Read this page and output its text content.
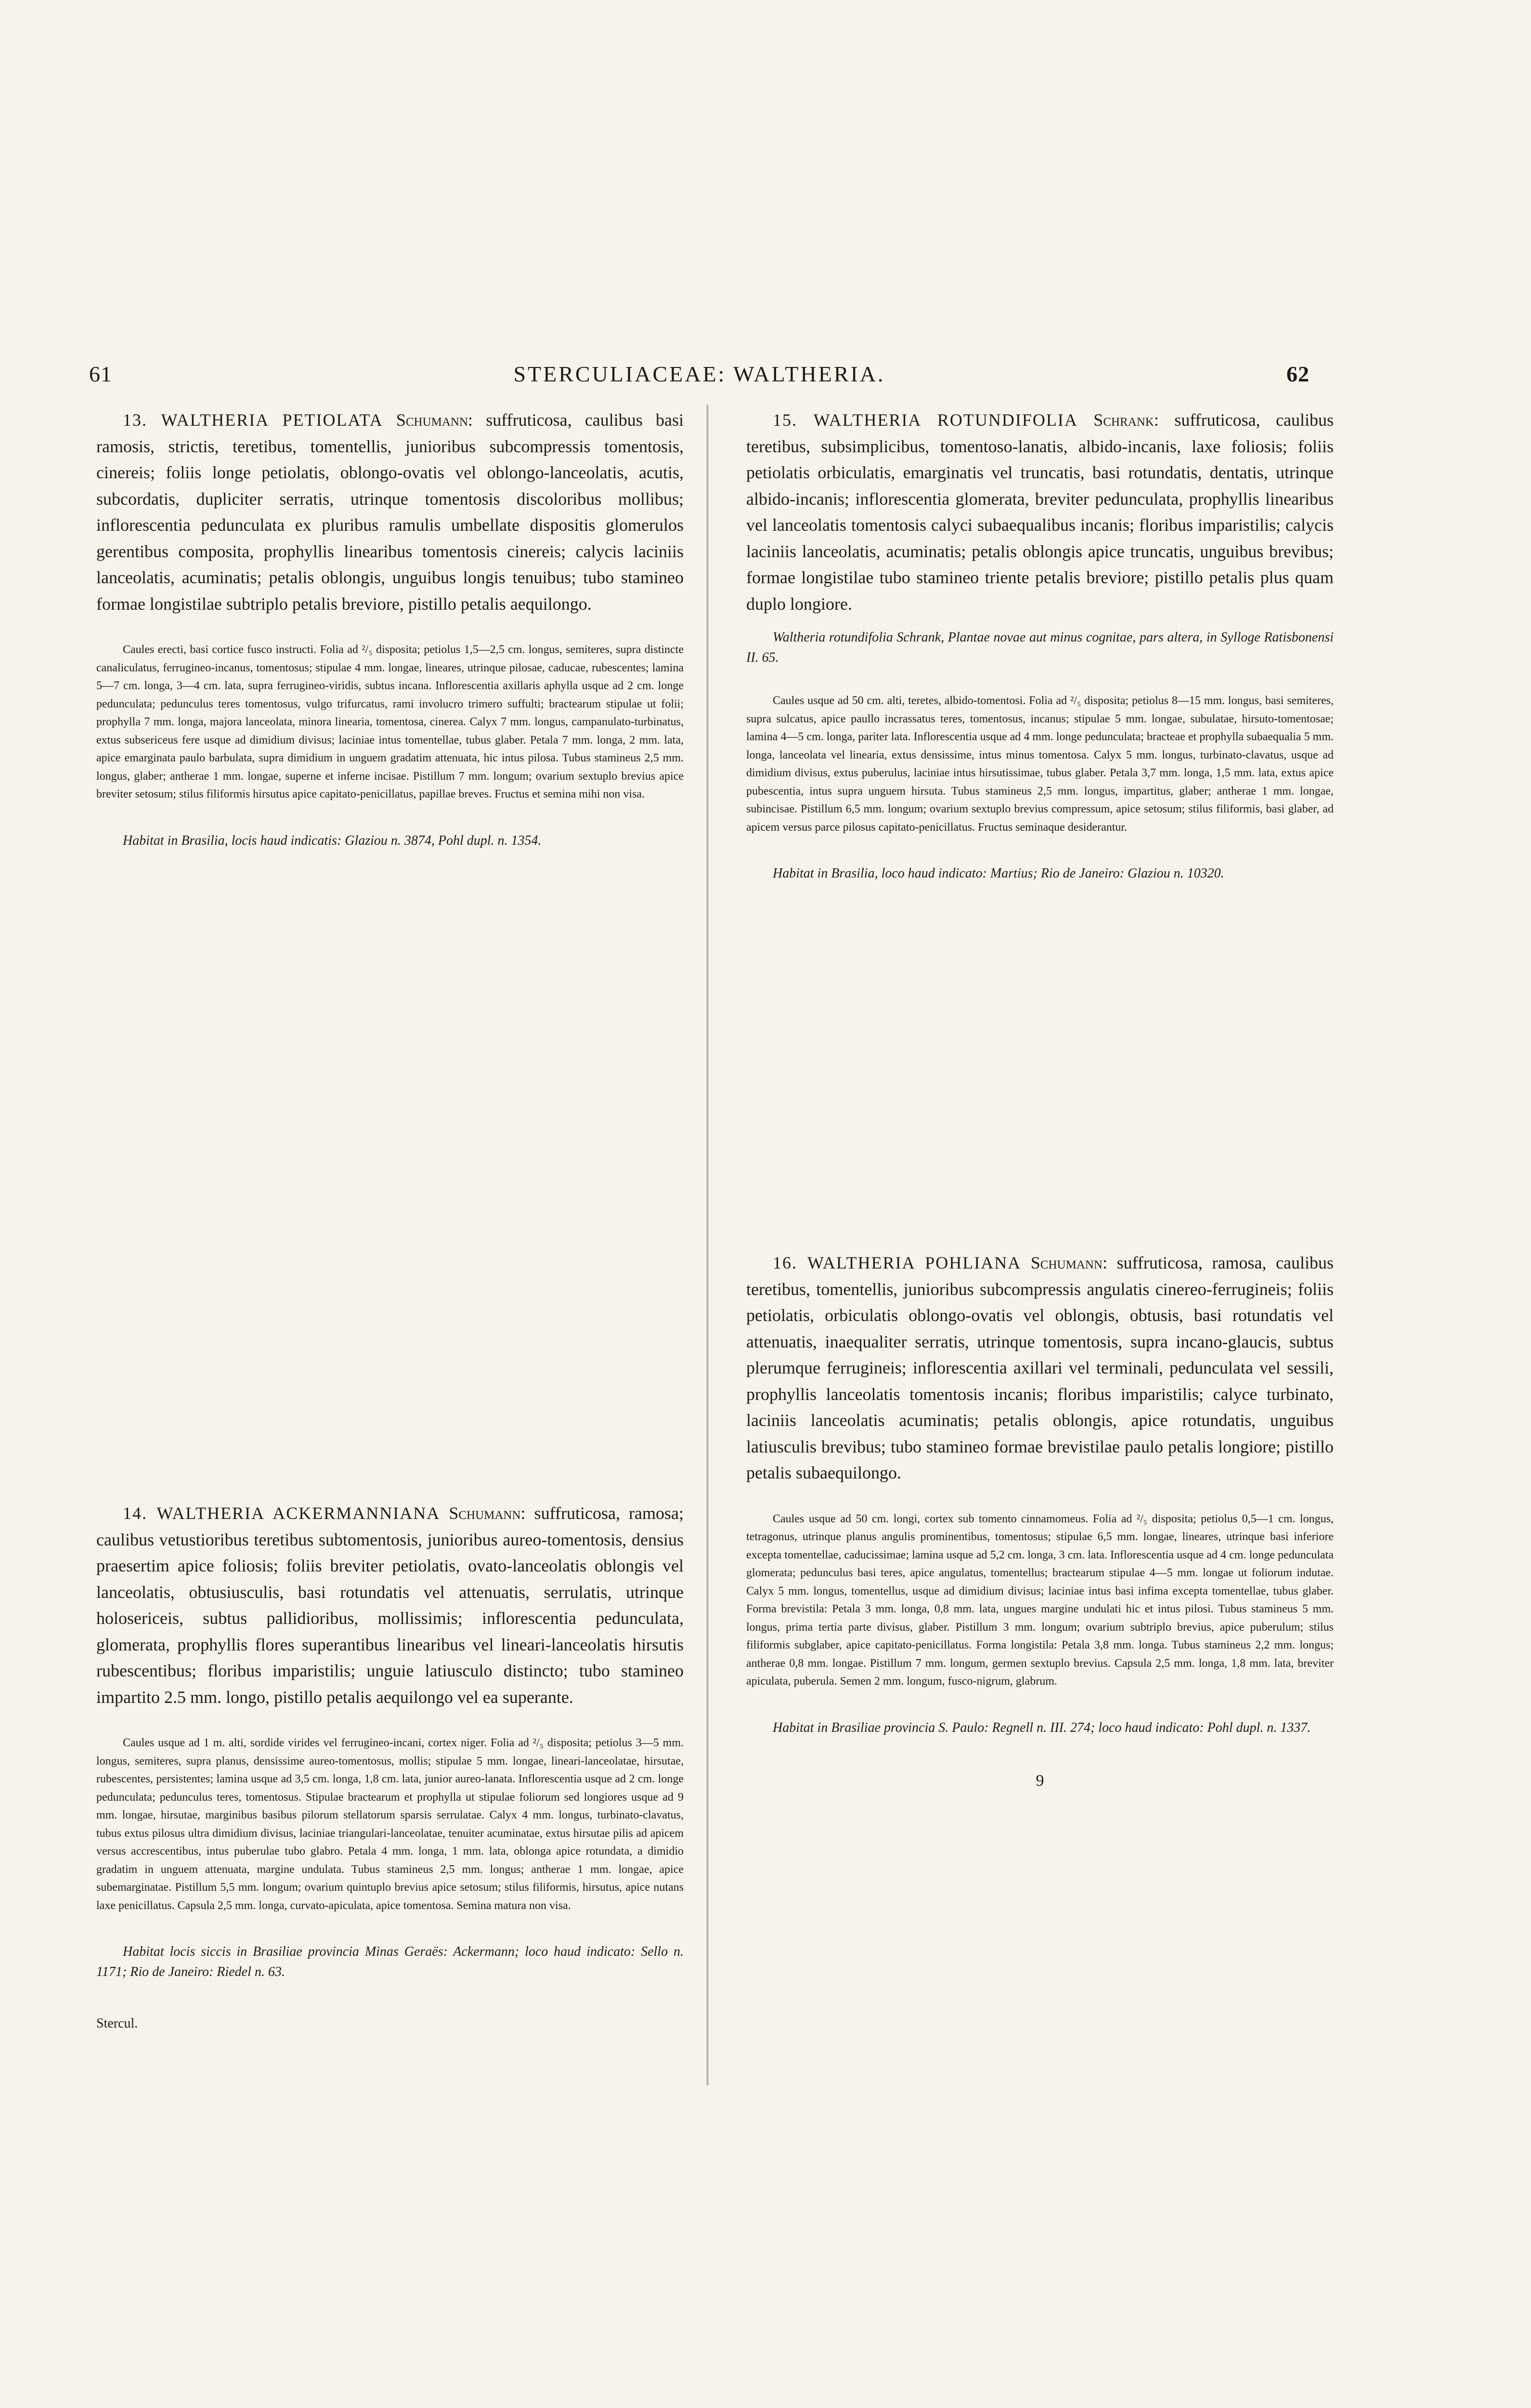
61	STERCULIACEAE: WALTHERIA.	62

13. WALTHERIA PETIOLATA Schumann: suffruticosa, caulibus basi ramosis, strictis, teretibus, tomentellis, junioribus subcompressis tomentosis, cinereis; foliis longe petiolatis, oblongo-ovatis vel oblongo-lanceolatis, acutis, subcordatis, dupliciter serratis, utrinque tomentosis discoloribus mollibus; inflorescentia pedunculata ex pluribus ramulis umbellate dispositis glomerulos gerentibus composita, prophyllis linearibus tomentosis cinereis; calycis laciniis lanceolatis, acuminatis; petalis oblongis, unguibus longis tenuibus; tubo stamineo formae longistilae subtriplo petalis breviore, pistillo petalis aequilongo.

Caules erecti, basi cortice fusco instructi. Folia ad ²/₅ disposita; petiolus 1,5—2,5 cm. longus, semiteres, supra distincte canaliculatus, ferrugineo-incanus, tomentosus; stipulae 4 mm. longae, lineares, utrinque pilosae, caducae, rubescentes; lamina 5—7 cm. longa, 3—4 cm. lata, supra ferrugineo-viridis, subtus incana. Inflorescentia axillaris aphylla usque ad 2 cm. longe pedunculata; pedunculus teres tomentosus, vulgo trifurcatus, rami involucro trimero suffulti; bractearum stipulae ut folii; prophylla 7 mm. longa, majora lanceolata, minora linearia, tomentosa, cinerea. Calyx 7 mm. longus, campanulato-turbinatus, extus subsericeus fere usque ad dimidium divisus; laciniae intus tomentellae, tubus glaber. Petala 7 mm. longa, 2 mm. lata, apice emarginata paulo barbulata, supra dimidium in unguem gradatim attenuata, hic intus pilosa. Tubus staminеus 2,5 mm. longus, glaber; antherae 1 mm. longae, superne et inferne incisae. Pistillum 7 mm. longum; ovarium sextuplo brevius apice breviter setosum; stilus filiformis hirsutus apice capitato-penicillatus, papillae breves. Fructus et semina mihi non visa.

Habitat in Brasilia, locis haud indicatis: Glaziou n. 3874, Pohl dupl. n. 1354.

14. WALTHERIA ACKERMANNIANA Schumann: suffruticosa, ramosa; caulibus vetustioribus teretibus subtomentosis, junioribus aureo-tomentosis, densius praesertim apice foliosis; foliis breviter petiolatis, ovato-lanceolatis oblongis vel lanceolatis, obtusiusculis, basi rotundatis vel attenuatis, serrulatis, utrinque holosericeis, subtus pallidioribus, mollissimis; inflorescentia pedunculata, glomerata, prophyllis flores superantibus linearibus vel lineari-lanceolatis hirsutis rubescentibus; floribus imparistilis; unguie latiusculo distincto; tubo stamineo impartito 2.5 mm. longo, pistillo petalis aequilongo vel ea superante.

Caules usque ad 1 m. alti, sordide virides vel ferrugineo-incani, cortex niger. Folia ad ²/₅ disposita; petiolus 3—5 mm. longus, semiteres, supra planus, densissime aureo-tomentosus, mollis; stipulae 5 mm. longae, lineari-lanceolatae, hirsutae, rubescentes, persistentes; lamina usque ad 3,5 cm. longa, 1,8 cm. lata, junior aureo-lanata. Inflorescentia usque ad 2 cm. longe pedunculata; pedunculus teres, tomentosus. Stipulae bractearum et prophylla ut stipulae foliorum sed longiores usque ad 9 mm. longae, hirsutae, marginibus basibus pilorum stellatorum sparsis serrulatae. Calyx 4 mm. longus, turbinato-clavatus, tubus extus pilosus ultra dimidium divisus, laciniae triangulari-lanceolatae, tenuiter acuminatae, extus hirsutae pilis ad apicem versus accrescentibus, intus puberulae tubo glabro. Petala 4 mm. longa, 1 mm. lata, oblonga apice rotundata, a dimidio gradatim in unguem attenuata, margine undulata. Tubus staminеus 2,5 mm. longus; antherae 1 mm. longae, apice subemarginatae. Pistillum 5,5 mm. longum; ovarium quintuplo brevius apice setosum; stilus filiformis, hirsutus, apice nutans laxe penicillatus. Capsula 2,5 mm. longa, curvato-apiculata, apice tomentosa. Semina matura non visa.

Habitat locis siccis in Brasiliae provincia Minas Geraës: Ackermann; loco haud indicato: Sello n. 1171; Rio de Janeiro: Riedel n. 63.

Stercul.

15. WALTHERIA ROTUNDIFOLIA Schrank: suffruticosa, caulibus teretibus, subsimplicibus, tomentoso-lanatis, albido-incanis, laxe foliosis; foliis petiolatis orbiculatis, emarginatis vel truncatis, basi rotundatis, dentatis, utrinque albido-incanis; inflorescentia glomerata, breviter pedunculata, prophyllis linearibus vel lanceolatis tomentosis calyci subaequalibus incanis; floribus imparistilis; calycis laciniis lanceolatis, acuminatis; petalis oblongis apice truncatis, unguibus brevibus; formae longistilae tubo stamineo triente petalis breviore; pistillo petalis plus quam duplo longiore.

Waltheria rotundifolia Schrank, Plantae novae aut minus cognitae, pars altera, in Sylloge Ratisbonensi II. 65.

Caules usque ad 50 cm. alti, teretes, albido-tomentosi. Folia ad ²/₅ disposita; petiolus 8—15 mm. longus, basi semiteres, supra sulcatus, apice paullo incrassatus teres, tomentosus, incanus; stipulae 5 mm. longae, subulatae, hirsuto-tomentosae; lamina 4—5 cm. longa, pariter lata. Inflorescentia usque ad 4 mm. longe pedunculata; bracteae et prophylla subaequalia 5 mm. longa, lanceolata vel linearia, extus densissime, intus minus tomentosa. Calyx 5 mm. longus, turbinato-clavatus, usque ad dimidium divisus, extus puberulus, laciniae intus hirsutissimae, tubus glaber. Petala 3,7 mm. longa, 1,5 mm. lata, extus apice pubescentia, intus supra unguem hirsuta. Tubus staminеus 2,5 mm. longus, impartitus, glaber; antherae 1 mm. longae, subincisae. Pistillum 6,5 mm. longum; ovarium sextuplo brevius compressum, apice setosum; stilus filiformis, basi glaber, ad apicem versus parce pilosus capitato-penicillatus. Fructus seminaque desiderantur.

Habitat in Brasilia, loco haud indicato: Martius; Rio de Janeiro: Glaziou n. 10320.

16. WALTHERIA POHLIANA Schumann: suffruticosa, ramosa, caulibus teretibus, tomentellis, junioribus subcompressis angulatis cinereo-ferrugineis; foliis petiolatis, orbiculatis oblongo-ovatis vel oblongis, obtusis, basi rotundatis vel attenuatis, inaequaliter serratis, utrinque tomentosis, supra incano-glaucis, subtus plerumque ferrugineis; inflorescentia axillari vel terminali, pedunculata vel sessili, prophyllis lanceolatis tomentosis incanis; floribus imparistilis; calyce turbinato, laciniis lanceolatis acuminatis; petalis oblongis, apice rotundatis, unguibus latiusculis brevibus; tubo stamineo formae brevistilae paulo petalis longiore; pistillo petalis subaequilongo.

Caules usque ad 50 cm. longi, cortex sub tomento cinnamomeus. Folia ad ²/₅ disposita; petiolus 0,5—1 cm. longus, tetragonus, utrinque planus angulis prominentibus, tomentosus; stipulae 6,5 mm. longae, lineares, utrinque basi inferiore excepta tomentellae, caducissimae; lamina usque ad 5,2 cm. longa, 3 cm. lata. Inflorescentia usque ad 4 cm. longe pedunculata glomerata; pedunculus basi teres, apice angulatus, tomentellus; bractearum stipulae 4—5 mm. longae ut foliorum indutae. Calyx 5 mm. longus, tomentellus, usque ad dimidium divisus; laciniae intus basi infima excepta tomentellae, tubus glaber. Forma brevistila: Petala 3 mm. longa, 0,8 mm. lata, ungues margine undulati hic et intus pilosi. Tubus staminеus 5 mm. longus, prima tertia parte divisus, glaber. Pistillum 3 mm. longum; ovarium subtriplo brevius, apice puberulum; stilus filiformis subglaber, apice capitato-penicillatus. Forma longistila: Petala 3,8 mm. longa. Tubus staminеus 2,2 mm. longus; antherae 0,8 mm. longae. Pistillum 7 mm. longum, germen sextuplo brevius. Capsula 2,5 mm. longa, 1,8 mm. lata, breviter apiculata, puberula. Semen 2 mm. longum, fusco-nigrum, glabrum.

Habitat in Brasiliae provincia S. Paulo: Regnell n. III. 274; loco haud indicato: Pohl dupl. n. 1337.

9
